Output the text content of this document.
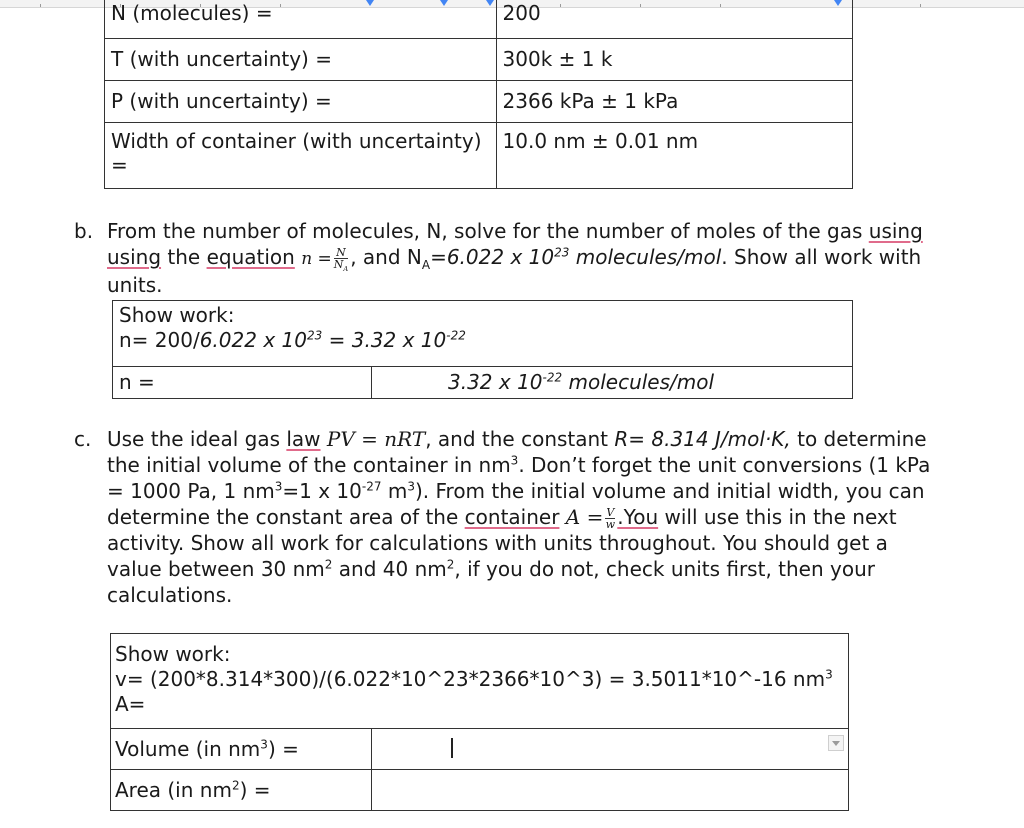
N (molecules) =	200

T (with uncertainty) =	300k ± 1 k

P (with uncertainty) =	2366 kPa ± 1 kPa

Width of container (with uncertainty)
=	10.0 nm ± 0.01 nm
b. From the number of molecules, N, solve for the number of moles of the gas using
using the equation $n = \frac{N}{N_A}$ , and $N_A=6.022$ x $10^{23}$ molecules/mol. Show all work with
units.
Show work:
n= 200/6.022 x $10^{23} = 3.32$ x $10^{-22}$
n =	3.32 x $10^{-22}$ molecules/mol
c. Use the ideal gas law PV = nRT, and the constant R= 8.314 J/mol·K, to determine
the initial volume of the container in $nm^3$. Don’t forget the unit conversions (1 kPa
= 1000 Pa, 1 $nm^3=1$ x $10^{-27}$ $m^3$). From the initial volume and initial width, you can
determine the constant area of the container $A = \frac{V}{w} .You$ will use this in the next
activity. Show all work for calculations with units throughout. You should get a
value between 30 $nm^2$ and 40 $nm^2$, if you do not, check units first, then your
calculations.
Show work:
v= (200*8.314*300)/(6.022*10^23*2366*10^3) = 3.5011*10^-16 $nm^3$
A=
Volume (in $nm^3$) =	

Area (in $nm^2$) =	
